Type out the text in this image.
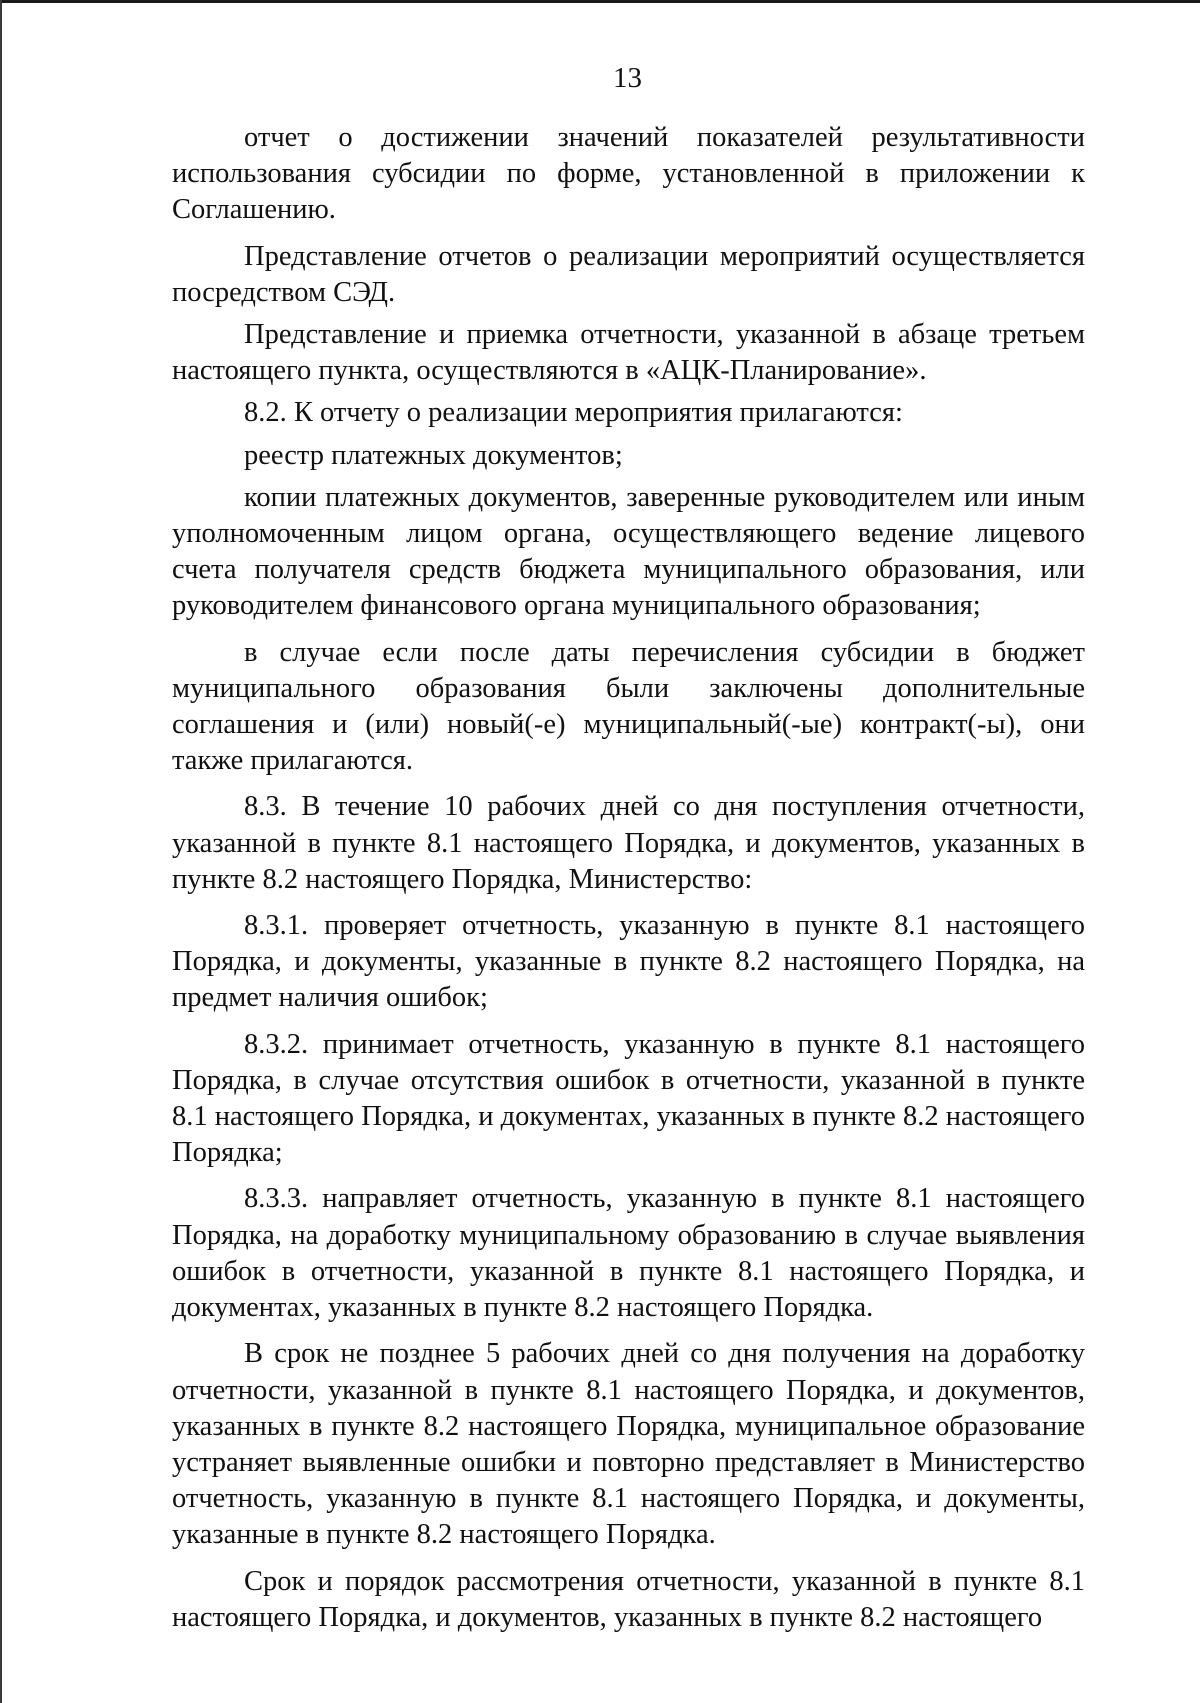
13

отчет о достижении значений показателей результативности использования субсидии по форме, установленной в приложении к Соглашению.

Представление отчетов о реализации мероприятий осуществляется посредством СЭД.

Представление и приемка отчетности, указанной в абзаце третьем настоящего пункта, осуществляются в «АЦК-Планирование».

8.2. К отчету о реализации мероприятия прилагаются:

реестр платежных документов;

копии платежных документов, заверенные руководителем или иным уполномоченным лицом органа, осуществляющего ведение лицевого счета получателя средств бюджета муниципального образования, или руководителем финансового органа муниципального образования;

в случае если после даты перечисления субсидии в бюджет муниципального образования были заключены дополнительные соглашения и (или) новый(-е) муниципальный(-ые) контракт(-ы), они также прилагаются.

8.3. В течение 10 рабочих дней со дня поступления отчетности, указанной в пункте 8.1 настоящего Порядка, и документов, указанных в пункте 8.2 настоящего Порядка, Министерство:

8.3.1. проверяет отчетность, указанную в пункте 8.1 настоящего Порядка, и документы, указанные в пункте 8.2 настоящего Порядка, на предмет наличия ошибок;

8.3.2. принимает отчетность, указанную в пункте 8.1 настоящего Порядка, в случае отсутствия ошибок в отчетности, указанной в пункте 8.1 настоящего Порядка, и документах, указанных в пункте 8.2 настоящего Порядка;

8.3.3. направляет отчетность, указанную в пункте 8.1 настоящего Порядка, на доработку муниципальному образованию в случае выявления ошибок в отчетности, указанной в пункте 8.1 настоящего Порядка, и документах, указанных в пункте 8.2 настоящего Порядка.

В срок не позднее 5 рабочих дней со дня получения на доработку отчетности, указанной в пункте 8.1 настоящего Порядка, и документов, указанных в пункте 8.2 настоящего Порядка, муниципальное образование устраняет выявленные ошибки и повторно представляет в Министерство отчетность, указанную в пункте 8.1 настоящего Порядка, и документы, указанные в пункте 8.2 настоящего Порядка.

Срок и порядок рассмотрения отчетности, указанной в пункте 8.1 настоящего Порядка, и документов, указанных в пункте 8.2 настоящего
